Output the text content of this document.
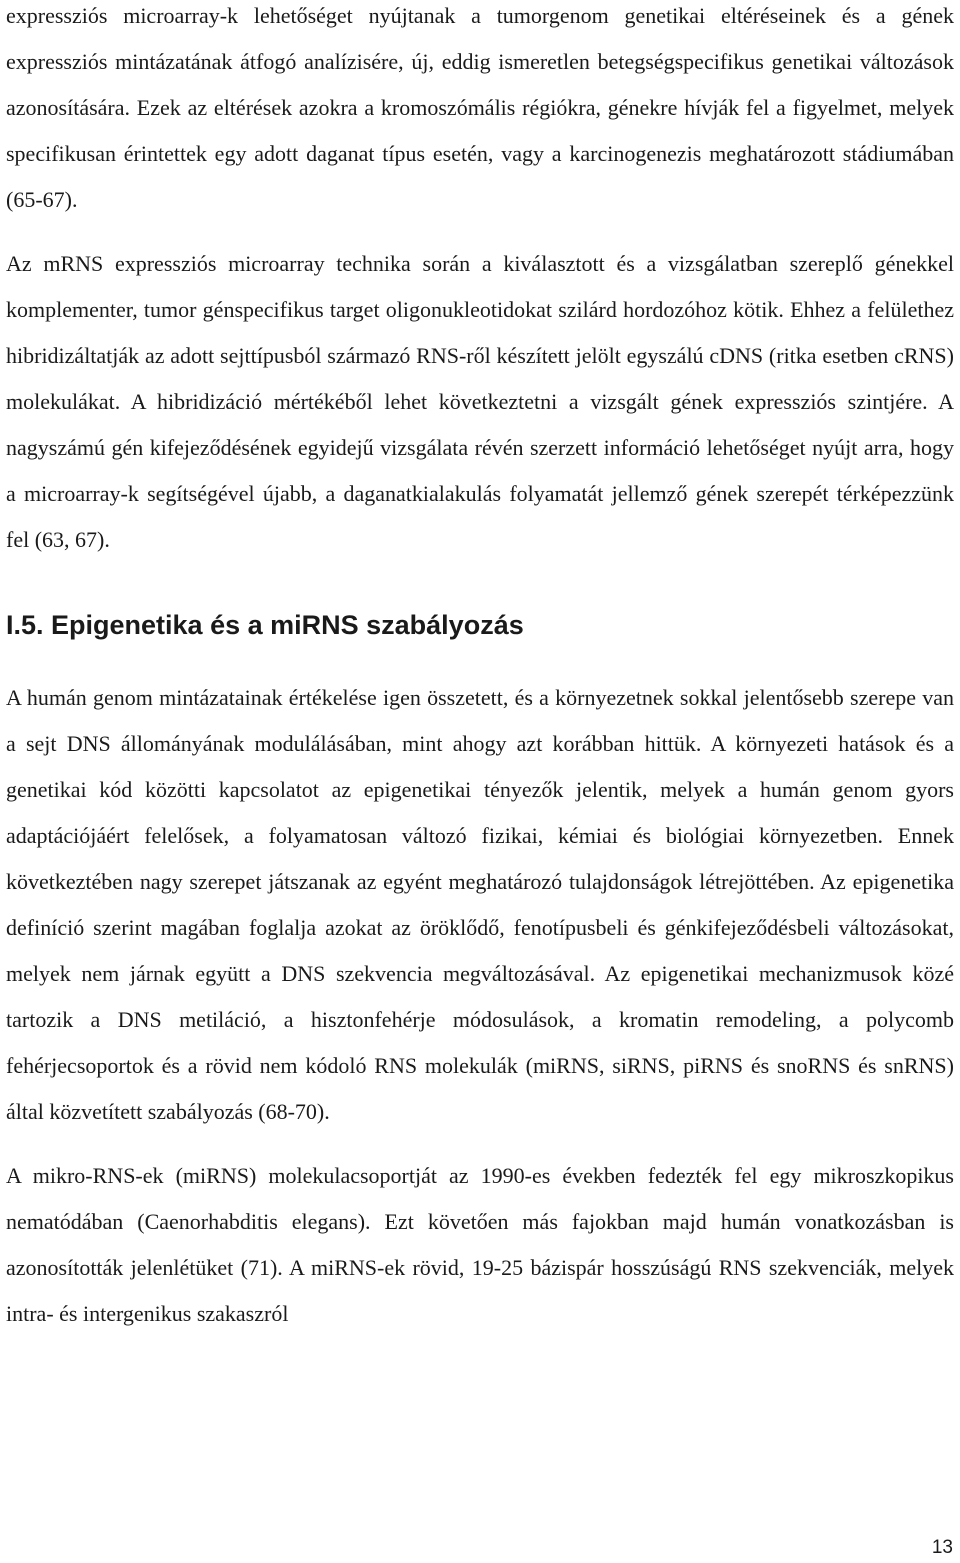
expressziós microarray-k lehetőséget nyújtanak a tumorgenom genetikai eltéréseinek és a gének expressziós mintázatának átfogó analízisére, új, eddig ismeretlen betegségspecifikus genetikai változások azonosítására. Ezek az eltérések azokra a kromoszómális régiókra, génekre hívják fel a figyelmet, melyek specifikusan érintettek egy adott daganat típus esetén, vagy a karcinogenezis meghatározott stádiumában (65-67).

Az mRNS expressziós microarray technika során a kiválasztott és a vizsgálatban szereplő génekkel komplementer, tumor génspecifikus target oligonukleotidokat szilárd hordozóhoz kötik. Ehhez a felülethez hibridizáltatják az adott sejttípusból származó RNS-ről készített jelölt egyszálú cDNS (ritka esetben cRNS) molekulákat. A hibridizáció mértékéből lehet következtetni a vizsgált gének expressziós szintjére. A nagyszámú gén kifejeződésének egyidejű vizsgálata révén szerzett információ lehetőséget nyújt arra, hogy a microarray-k segítségével újabb, a daganatkialakulás folyamatát jellemző gének szerepét térképezzünk fel (63, 67).

I.5. Epigenetika és a miRNS szabályozás

A humán genom mintázatainak értékelése igen összetett, és a környezetnek sokkal jelentősebb szerepe van a sejt DNS állományának modulálásában, mint ahogy azt korábban hittük. A környezeti hatások és a genetikai kód közötti kapcsolatot az epigenetikai tényezők jelentik, melyek a humán genom gyors adaptációjáért felelősek, a folyamatosan változó fizikai, kémiai és biológiai környezetben. Ennek következtében nagy szerepet játszanak az egyént meghatározó tulajdonságok létrejöttében. Az epigenetika definíció szerint magában foglalja azokat az öröklődő, fenotípusbeli és génkifejeződésbeli változásokat, melyek nem járnak együtt a DNS szekvencia megváltozásával. Az epigenetikai mechanizmusok közé tartozik a DNS metiláció, a hisztonfehérje módosulások, a kromatin remodeling, a polycomb fehérjecsoportok és a rövid nem kódoló RNS molekulák (miRNS, siRNS, piRNS és snoRNS és snRNS) által közvetített szabályozás (68-70).

A mikro-RNS-ek (miRNS) molekulacsoportját az 1990-es években fedezték fel egy mikroszkopikus nematódában (Caenorhabditis elegans). Ezt követően más fajokban majd humán vonatkozásban is azonosították jelenlétüket (71). A miRNS-ek rövid, 19-25 bázispár hosszúságú RNS szekvenciák, melyek intra- és intergenikus szakaszról

13
